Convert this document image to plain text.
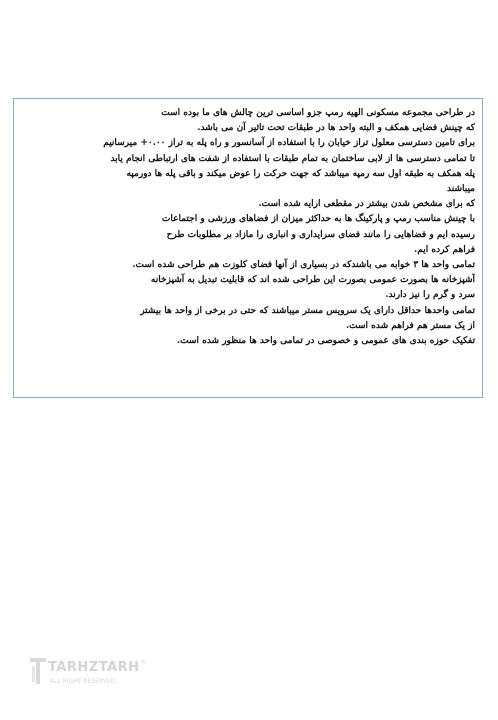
در طراحی مجموعه مسکونی الهیه رمپ جزو اساسی ترین چالش های ما بوده است
که چینش فضایی همکف و البته واحد ها در طبقات تحت تاثیر آن می باشد.
برای تامین دسترسی معلول تراز خیابان را با استفاده از آسانسور و راه پله به تراز ۰.۰۰+ میرسانیم
تا تمامی دسترسی ها از لابی ساختمان به تمام طبقات با استفاده از شفت های ارتباطی انجام یابد
پله همکف به طبقه اول سه رمپه میباشد که جهت حرکت را عوض میکند و باقی پله ها دورمپه
میباشند
که برای مشخص شدن بیشتر در مقطعی ارایه شده است.
با چینش مناسب رمپ و پارکینگ ها به حداکثر میزان از فضاهای ورزشی و اجتماعات
رسیده ایم و فضاهایی را مانند فضای سرایداری و انباری را مازاد بر مطلوبات طرح
فراهم کرده ایم.
تمامی واحد ها ۳ خوابه می باشندکه در بسیاری از آنها فضای کلوزت هم طراحی شده است.
آشپزخانه ها بصورت عمومی بصورت این طراحی شده اند که قابلیت تبدیل به آشپزخانه
سرد و گرم را نیز دارند.
تمامی واحدها حداقل دارای یک سرویس مستر میباشند که حتی در برخی از واحد ها بیشتر
از یک مستر هم فراهم شده است.
تفکیک حوزه بندی های عمومی و خصوصی در تمامی واحد ها منظور شده است.
TARHZTARH ®
ALL RIGHT RESERVED
